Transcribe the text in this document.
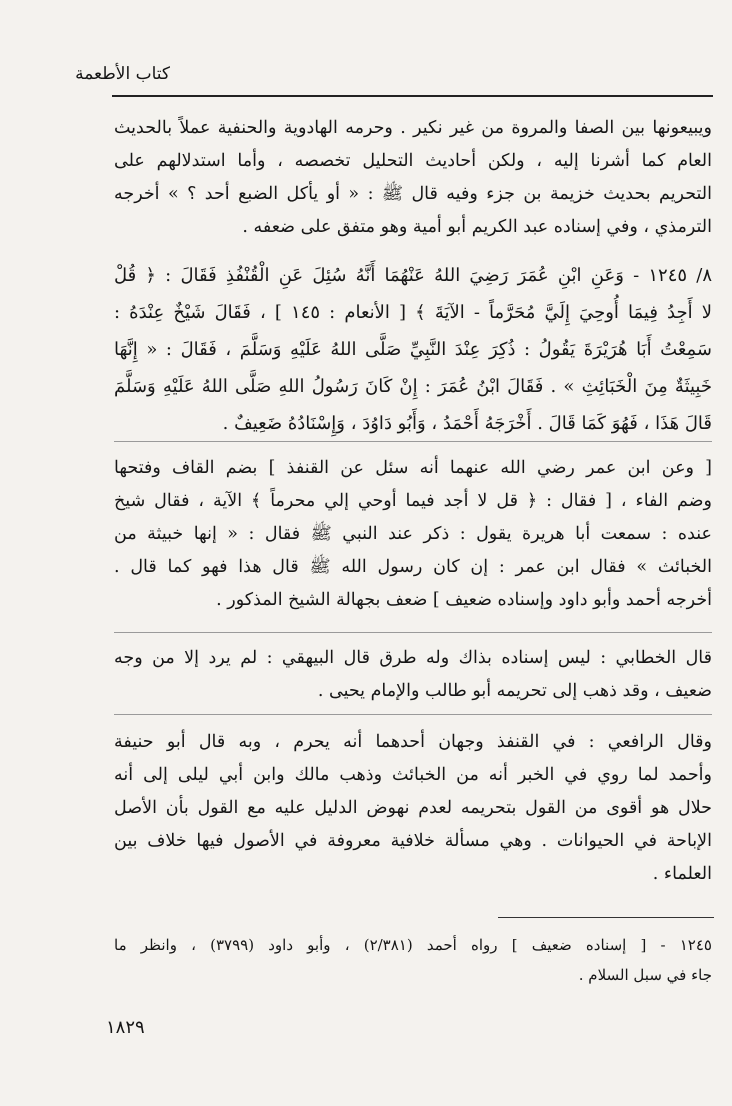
كتاب الأطعمة
ويبيعونها بين الصفا والمروة من غير نكير . وحرمه الهادوية والحنفية عملاً بالحديث
العام كما أشرنا إليه ، ولكن أحاديث التحليل تخصصه ، وأما استدلالهم على
التحريم بحديث خزيمة بن جزء وفيه قال ﷺ : « أو يأكل الضبع أحد ؟ » أخرجه
الترمذي ، وفي إسناده عبد الكريم أبو أمية وهو متفق على ضعفه .
٨/ ١٢٤٥ - وَعَنِ ابْنِ عُمَرَ رَضِيَ اللهُ عَنْهُمَا أَنَّهُ سُئِلَ عَنِ الْقُنْفُذِ فَقَالَ : ﴿ قُلْ
لا أَجِدُ فِيمَا أُوحِيَ إِلَيَّ مُحَرَّماً - الآيَةَ ﴾ [ الأنعام : ١٤٥ ] ، فَقَالَ شَيْخٌ عِنْدَهُ :
سَمِعْتُ أَبَا هُرَيْرَةَ يَقُولُ : ذُكِرَ عِنْدَ النَّبِيِّ صَلَّى اللهُ عَلَيْهِ وَسَلَّمَ ، فَقَالَ : « إِنَّهَا
خَبِيثَةٌ مِنَ الْخَبَائِثِ » . فَقَالَ ابْنُ عُمَرَ : إِنْ كَانَ رَسُولُ اللهِ صَلَّى اللهُ عَلَيْهِ وَسَلَّمَ
قَالَ هَذَا ، فَهُوَ كَمَا قَالَ . أَخْرَجَهُ أَحْمَدُ ، وَأَبُو دَاوُدَ ، وَإِسْنَادُهُ ضَعِيفٌ .
[ وعن ابن عمر رضي الله عنهما أنه سئل عن القنفذ ] بضم القاف وفتحها
وضم الفاء ، [ فقال : ﴿ قل لا أجد فيما أوحي إلي محرماً ﴾ الآية ، فقال شيخ
عنده : سمعت أبا هريرة يقول : ذكر عند النبي ﷺ فقال : « إنها خبيثة من
الخبائث » فقال ابن عمر : إن كان رسول الله ﷺ قال هذا فهو كما قال .
أخرجه أحمد وأبو داود وإسناده ضعيف ] ضعف بجهالة الشيخ المذكور .
قال الخطابي : ليس إسناده بذاك وله طرق قال البيهقي : لم يرد إلا من وجه
ضعيف ، وقد ذهب إلى تحريمه أبو طالب والإمام يحيى .
وقال الرافعي : في القنفذ وجهان أحدهما أنه يحرم ، وبه قال أبو حنيفة
وأحمد لما روي في الخبر أنه من الخبائث وذهب مالك وابن أبي ليلى إلى أنه
حلال هو أقوى من القول بتحريمه لعدم نهوض الدليل عليه مع القول بأن الأصل
الإباحة في الحيوانات . وهي مسألة خلافية معروفة في الأصول فيها خلاف بين
العلماء .
١٢٤٥ - [ إسناده ضعيف ] رواه أحمد (٢/٣٨١) ، وأبو داود (٣٧٩٩) ، وانظر ما
جاء في سبل السلام .
١٨٢٩
